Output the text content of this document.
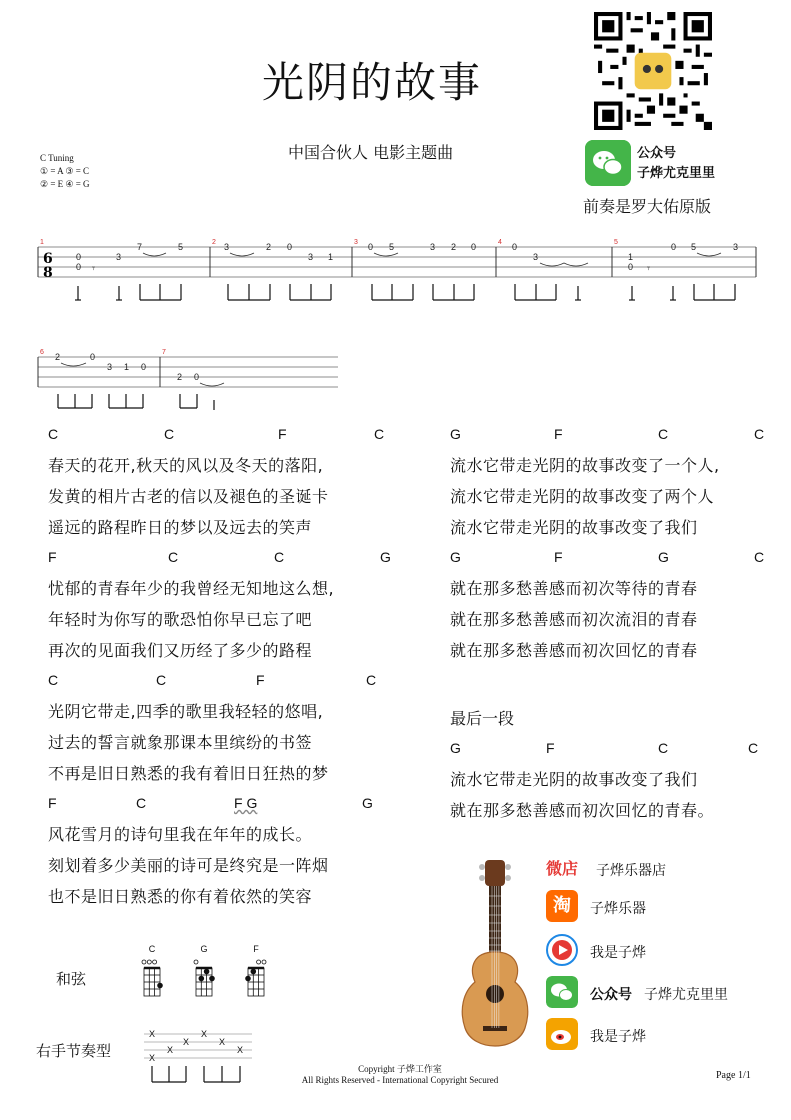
光阴的故事
中国合伙人 电影主题曲
C Tuning
① = A ③ = C
② = E ④ = G
公众号
子烨尤克里里
前奏是罗大佑原版
6
8
1	2	3	4	5
6	7
0
0
3
7	5	3	2 0
3 1
0 5	3 2 0	0
3	1
0
0 5	3
𝄾	𝄾
2	0
3 1 0
2 0
C	C	F	C
春天的花开,秋天的风以及冬天的落阳,
发黄的相片古老的信以及褪色的圣诞卡
遥远的路程昨日的梦以及远去的笑声
F	C	C	G
忧郁的青春年少的我曾经无知地这么想,
年轻时为你写的歌恐怕你早已忘了吧
再次的见面我们又历经了多少的路程
C	C	F	C
光阴它带走,四季的歌里我轻轻的悠唱,
过去的誓言就象那课本里缤纷的书签
不再是旧日熟悉的我有着旧日狂热的梦
F	C	F G	G
风花雪月的诗句里我在年年的成长。
刻划着多少美丽的诗可是终究是一阵烟
也不是旧日熟悉的你有着依然的笑容
G	F	C	C
流水它带走光阴的故事改变了一个人,
流水它带走光阴的故事改变了两个人
流水它带走光阴的故事改变了我们
G	F	G	C
就在那多愁善感而初次等待的青春
就在那多愁善感而初次流泪的青春
就在那多愁善感而初次回忆的青春
最后一段
G	F	C	C
流水它带走光阴的故事改变了我们
就在那多愁善感而初次回忆的青春。
和弦
C	G	F
右手节奏型
X
X
X
X
X
X
X
微店 子烨乐器店
淘	子烨乐器
我是子烨
公众号 子烨尤克里里
我是子烨
Copyright 子烨工作室
All Rights Reserved - International Copyright Secured	Page 1/1
